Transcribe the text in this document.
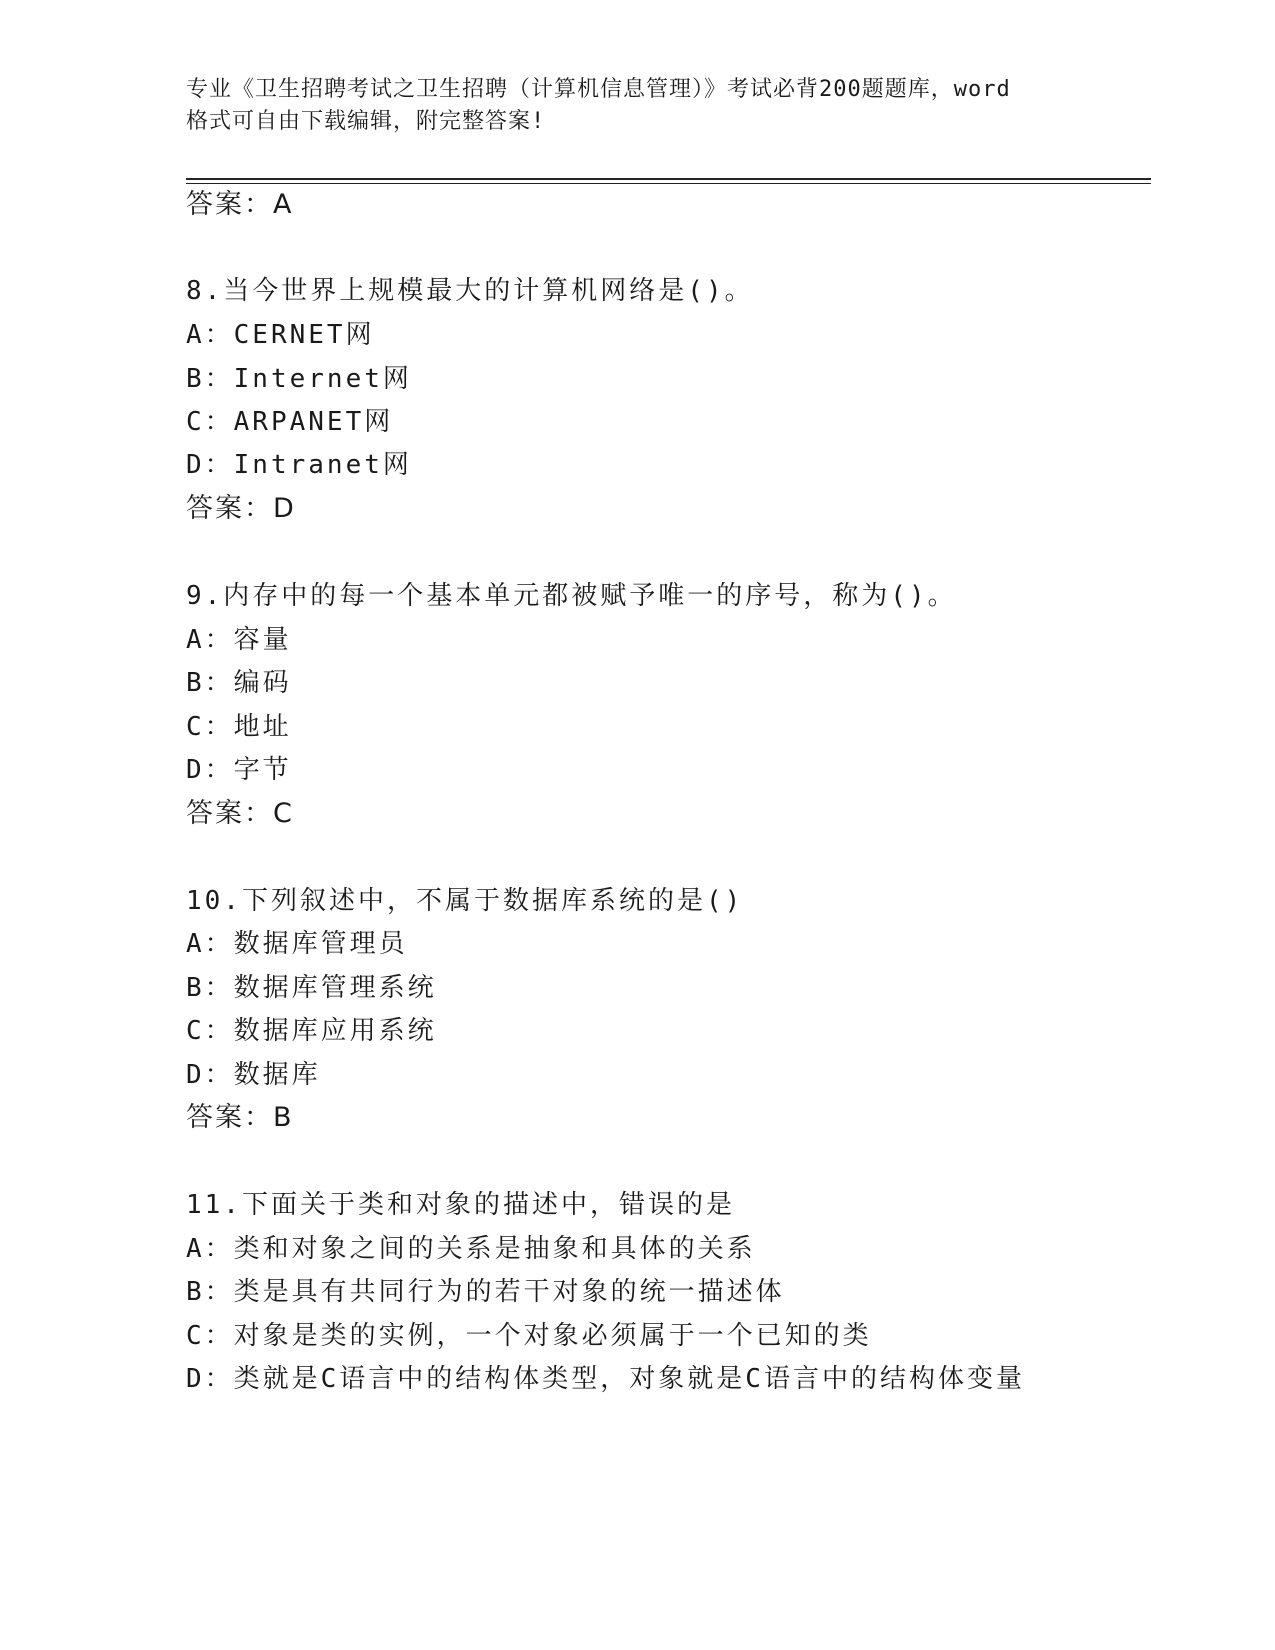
专业《卫生招聘考试之卫生招聘（计算机信息管理）》考试必背200题题库，word
格式可自由下载编辑，附完整答案!
答案：A
8.当今世界上规模最大的计算机网络是()。
A：CERNET网
B：Internet网
C：ARPANET网
D：Intranet网
答案：D
9.内存中的每一个基本单元都被赋予唯一的序号，称为()。
A：容量
B：编码
C：地址
D：字节
答案：C
10.下列叙述中，不属于数据库系统的是()
A：数据库管理员
B：数据库管理系统
C：数据库应用系统
D：数据库
答案：B
11.下面关于类和对象的描述中，错误的是
A：类和对象之间的关系是抽象和具体的关系
B：类是具有共同行为的若干对象的统一描述体
C：对象是类的实例，一个对象必须属于一个已知的类
D：类就是C语言中的结构体类型，对象就是C语言中的结构体变量
